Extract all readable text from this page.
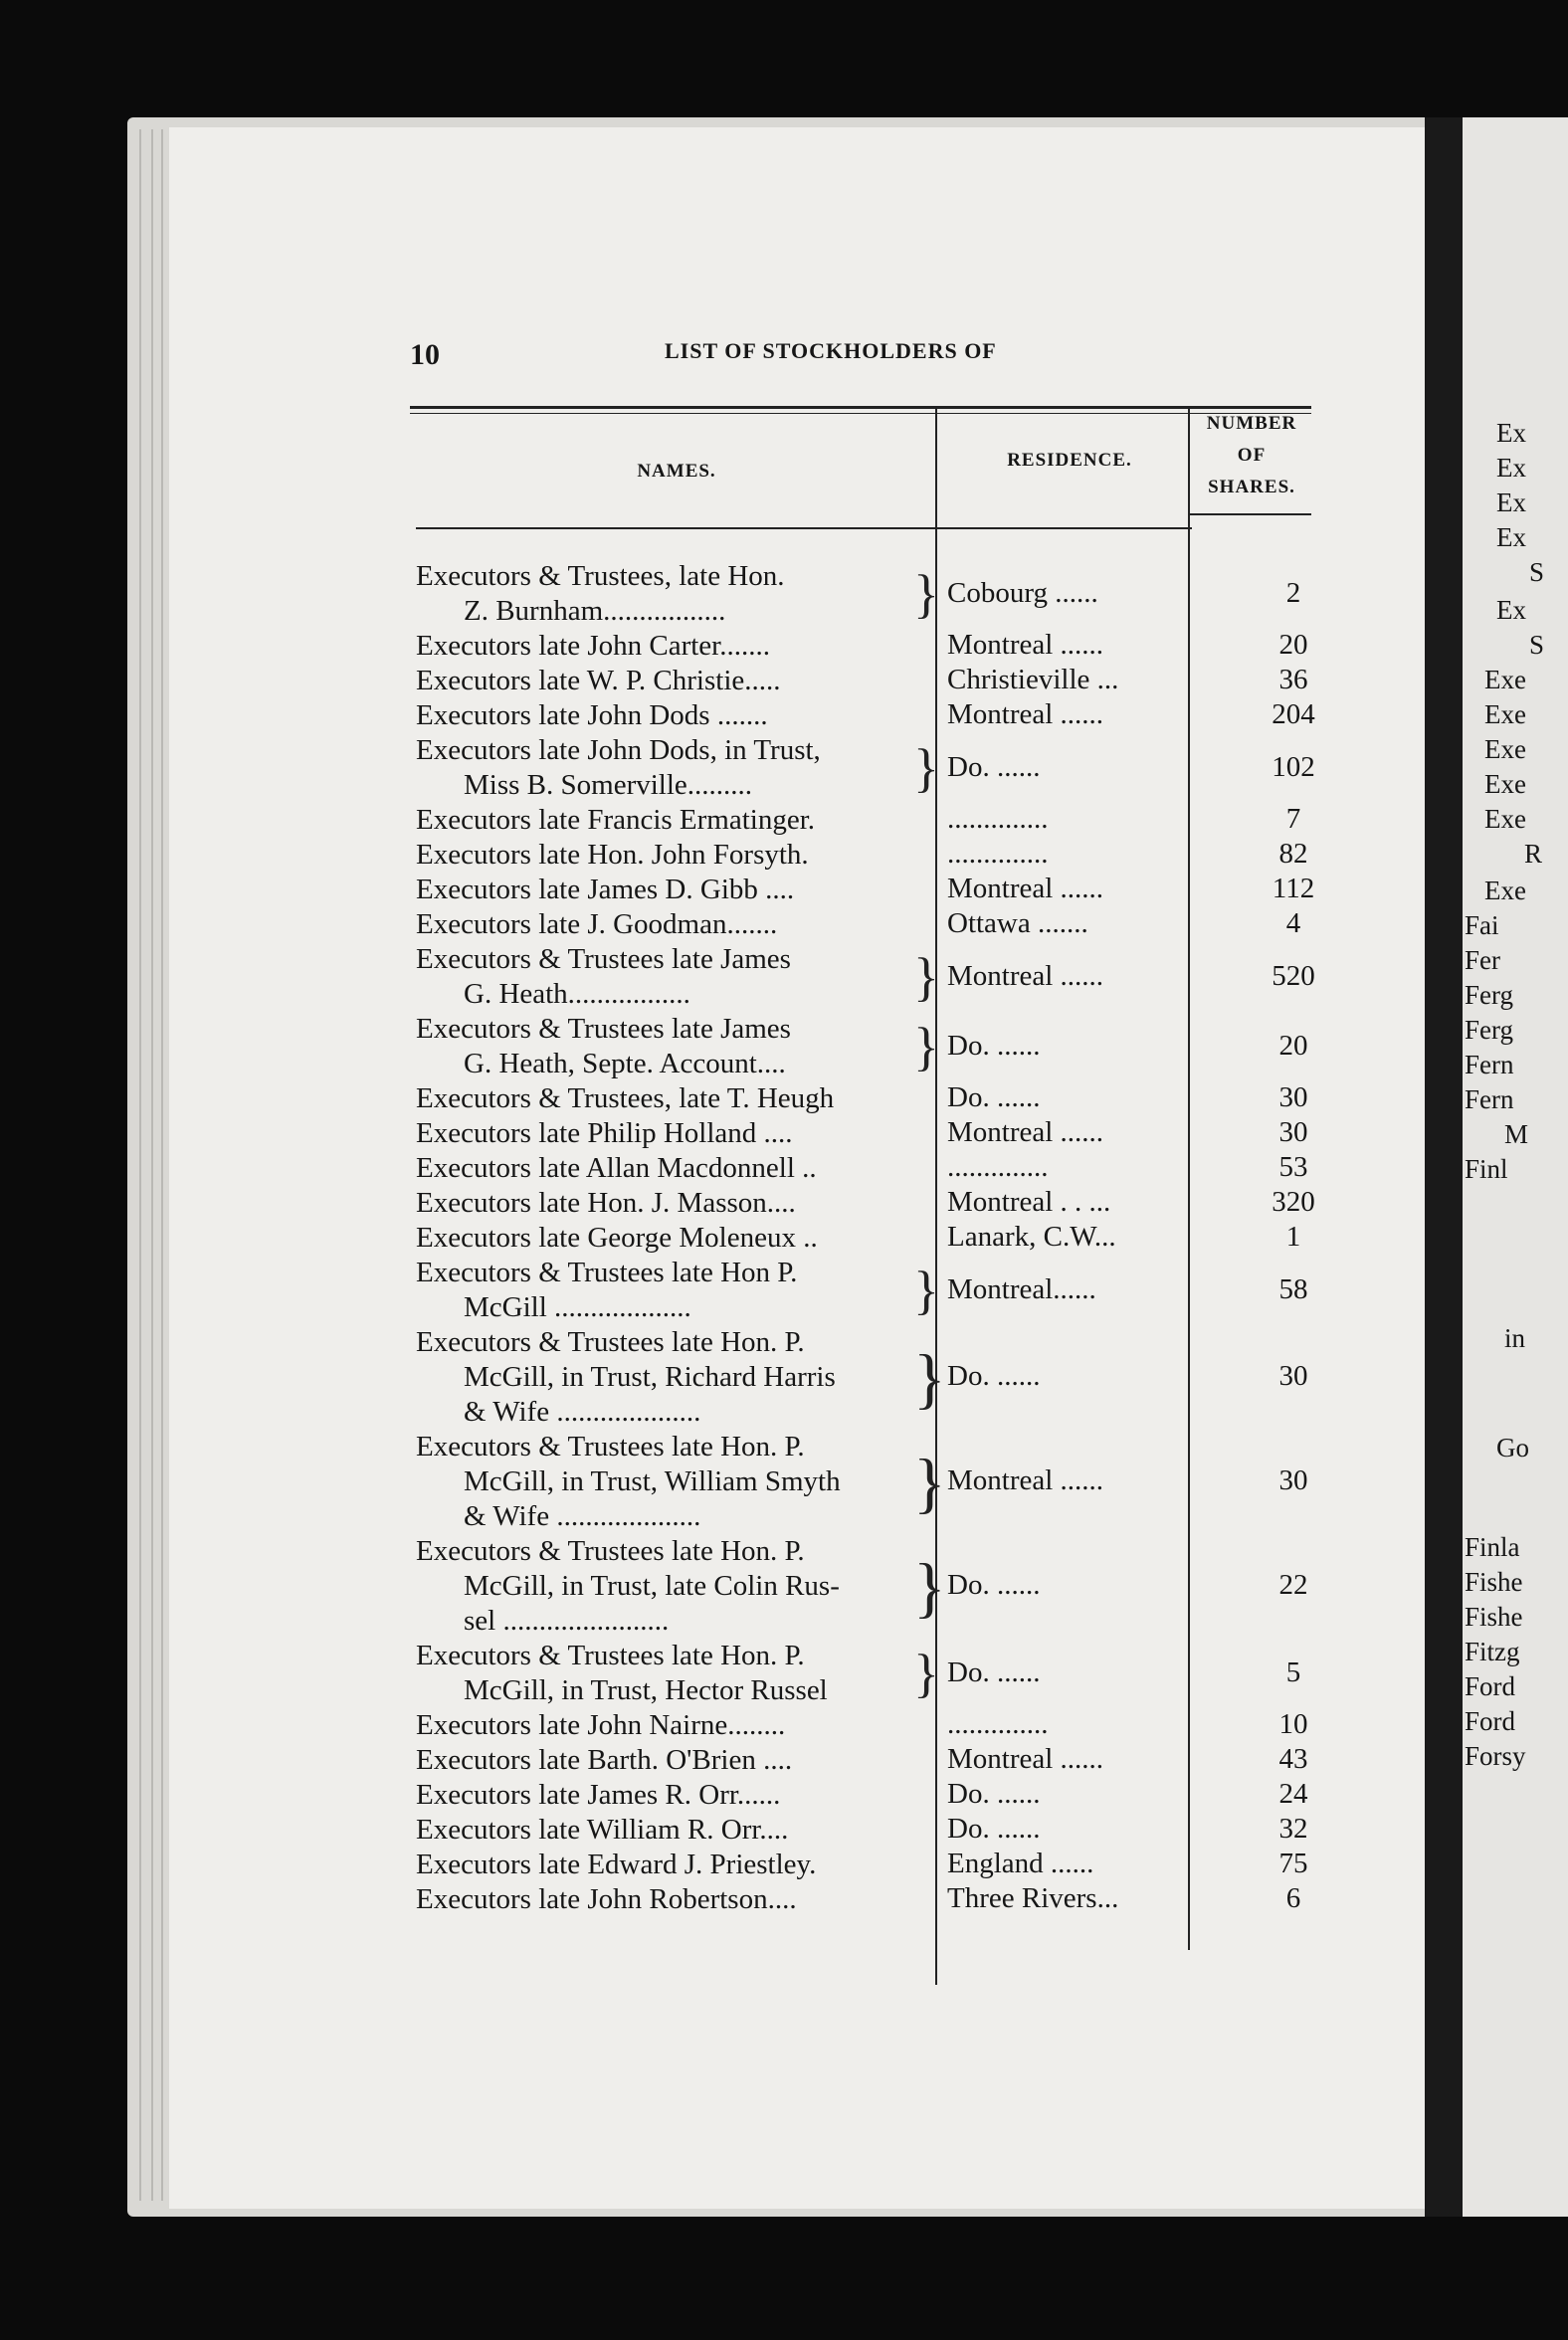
Ex
Ex
Ex
Ex
S
Ex
S
Exe
Exe
Exe
Exe
Exe
R
Exe
Fai
Fer
Ferg
Ferg
Fern
Fern
M
Finl
in
Go
Finla
Fishe
Fishe
Fitzg
Ford
Ford
Forsy
10	LIST OF STOCKHOLDERS OF
NAMES.
RESIDENCE.
NUMBER
OF
SHARES.
Executors & Trustees, late Hon.
Z. Burnham.................	} Cobourg ......	2
Executors late John Carter.......	Montreal ......	20
Executors late W. P. Christie.....	Christieville ...	36
Executors late John Dods .......	Montreal ......	204
Executors late John Dods, in Trust,
Miss B. Somerville.........	} Do. ......	102
Executors late Francis Ermatinger.	..............	7
Executors late Hon. John Forsyth.	..............	82
Executors late James D. Gibb ....	Montreal ......	112
Executors late J. Goodman.......	Ottawa .......	4
Executors & Trustees late James
G. Heath.................	} Montreal ......	520
Executors & Trustees late James
G. Heath, Septe. Account.... } Do. ......	20
Executors & Trustees, late T. Heugh	Do. ......	30
Executors late Philip Holland ....	Montreal ......	30
Executors late Allan Macdonnell ..	..............	53
Executors late Hon. J. Masson....	Montreal . . ...	320
Executors late George Moleneux ..	Lanark, C.W...	1
Executors & Trustees late Hon P.
McGill ...................	} Montreal......	58
Executors & Trustees late Hon. P.
McGill, in Trust, Richard Harris
& Wife ....................	} Do. ......	30
Executors & Trustees late Hon. P.
McGill, in Trust, William Smyth
& Wife ....................	} Montreal ......	30
Executors & Trustees late Hon. P.
McGill, in Trust, late Colin Rus-
sel .......................	} Do. ......	22
Executors & Trustees late Hon. P.
McGill, in Trust, Hector Russel } Do. ......	5
Executors late John Nairne........	..............	10
Executors late Barth. O'Brien ....	Montreal ......	43
Executors late James R. Orr......	Do. ......	24
Executors late William R. Orr....	Do. ......	32
Executors late Edward J. Priestley.	England ......	75
Executors late John Robertson....	Three Rivers...	6
